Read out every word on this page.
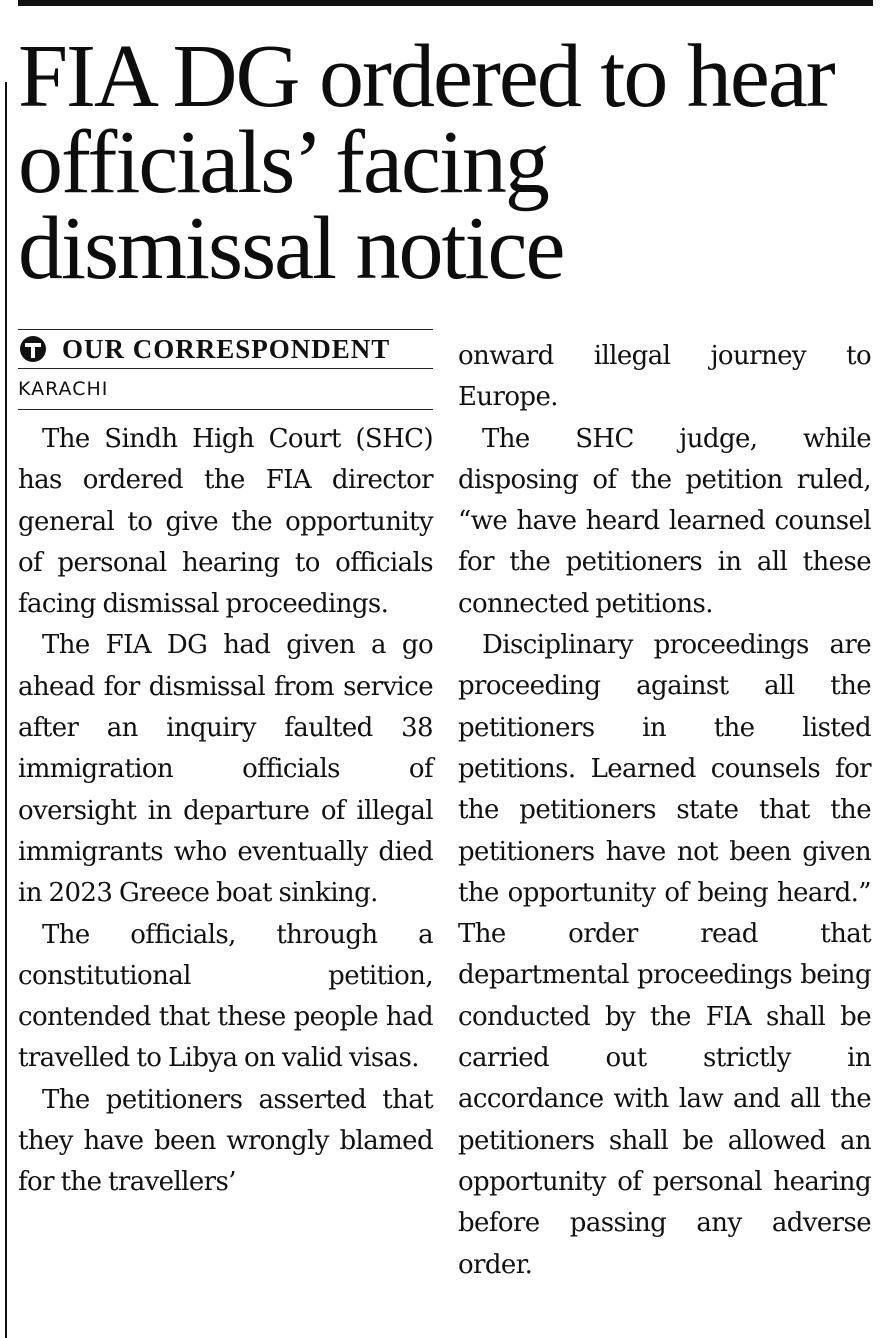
FIA DG ordered to hear officials’ facing dismissal notice
OUR CORRESPONDENT
KARACHI

The Sindh High Court (SHC) has ordered the FIA director general to give the opportunity of personal hearing to officials facing dismissal proceedings.

The FIA DG had given a go ahead for dismissal from service after an inquiry faulted 38 immigration officials of oversight in departure of illegal immigrants who eventually died in 2023 Greece boat sinking.

The officials, through a constitutional petition, contended that these people had travelled to Libya on valid visas.

The petitioners asserted that they have been wrongly blamed for the travellers’

onward illegal journey to Europe.

The SHC judge, while disposing of the petition ruled, “we have heard learned counsel for the petitioners in all these connected petitions.

Disciplinary proceedings are proceeding against all the petitioners in the listed petitions. Learned counsels for the petitioners state that the petitioners have not been given the opportunity of being heard.” The order read that departmental proceedings being conducted by the FIA shall be carried out strictly in accordance with law and all the petitioners shall be allowed an opportunity of personal hearing before passing any adverse order.
